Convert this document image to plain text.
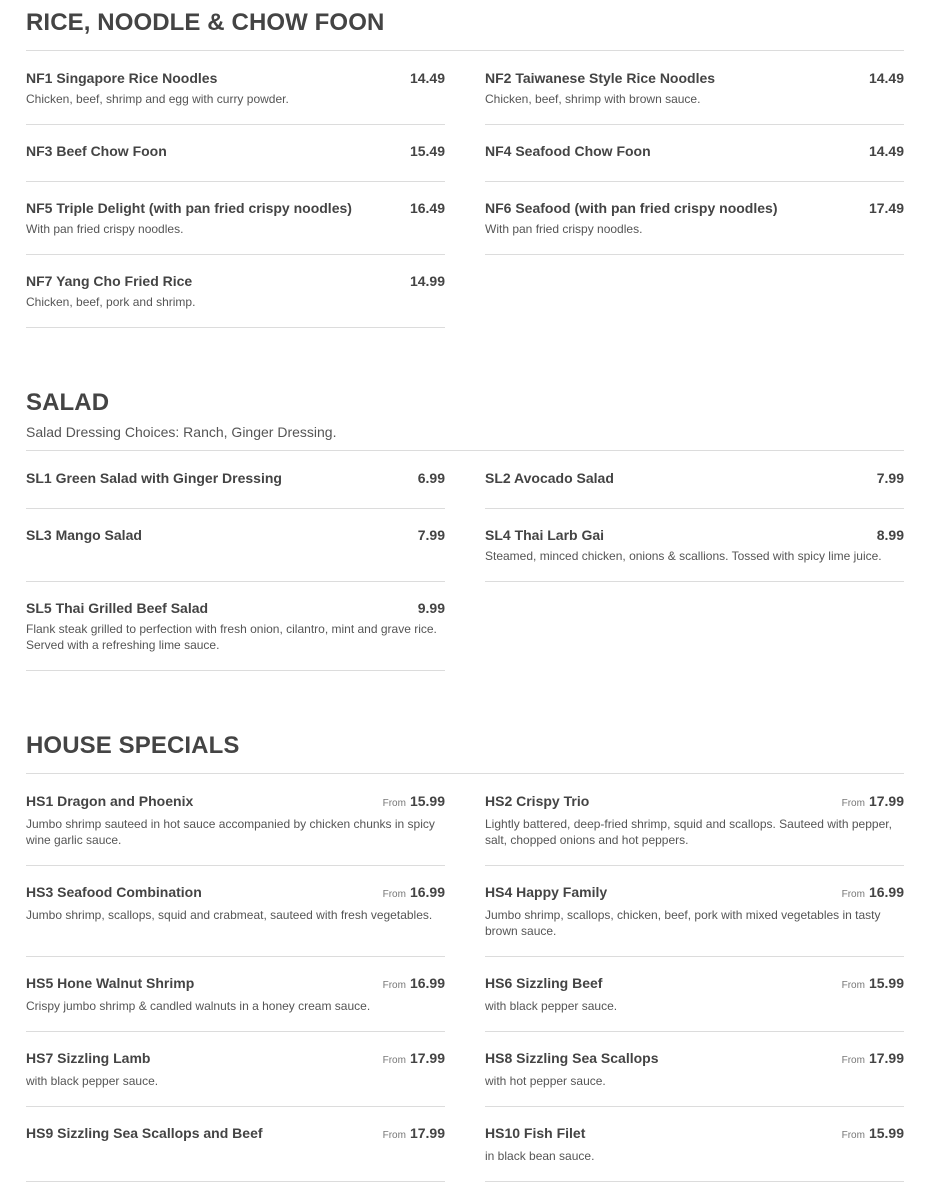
RICE, NOODLE & CHOW FOON
NF1 Singapore Rice Noodles	14.49
Chicken, beef, shrimp and egg with curry powder.
NF2 Taiwanese Style Rice Noodles	14.49
Chicken, beef, shrimp with brown sauce.
NF3 Beef Chow Foon	15.49	NF4 Seafood Chow Foon	14.49
NF5 Triple Delight (with pan fried crispy noodles)	16.49
With pan fried crispy noodles.
NF6 Seafood (with pan fried crispy noodles)	17.49
With pan fried crispy noodles.
NF7 Yang Cho Fried Rice	14.99
Chicken, beef, pork and shrimp.
SALAD

Salad Dressing Choices: Ranch, Ginger Dressing.

SL1 Green Salad with Ginger Dressing	6.99	SL2 Avocado Salad	7.99
SL3 Mango Salad	7.99	SL4 Thai Larb Gai	8.99
Steamed, minced chicken, onions & scallions. Tossed with spicy lime juice.
SL5 Thai Grilled Beef Salad	9.99
Flank steak grilled to perfection with fresh onion, cilantro, mint and grave rice. Served with a refreshing lime sauce.
HOUSE SPECIALS
HS1 Dragon and Phoenix	From 15.99
Jumbo shrimp sauteed in hot sauce accompanied by chicken chunks in spicy wine garlic sauce.
HS2 Crispy Trio	From 17.99
Lightly battered, deep-fried shrimp, squid and scallops. Sauteed with pepper, salt, chopped onions and hot peppers.
HS3 Seafood Combination	From 16.99
Jumbo shrimp, scallops, squid and crabmeat, sauteed with fresh vegetables.
HS4 Happy Family	From 16.99
Jumbo shrimp, scallops, chicken, beef, pork with mixed vegetables in tasty brown sauce.
HS5 Hone Walnut Shrimp	From 16.99
Crispy jumbo shrimp & candled walnuts in a honey cream sauce.
HS6 Sizzling Beef	From 15.99
with black pepper sauce.
HS7 Sizzling Lamb	From 17.99
with black pepper sauce.
HS8 Sizzling Sea Scallops	From 17.99
with hot pepper sauce.
HS9 Sizzling Sea Scallops and Beef	From 17.99	HS10 Fish Filet	From 15.99
in black bean sauce.
